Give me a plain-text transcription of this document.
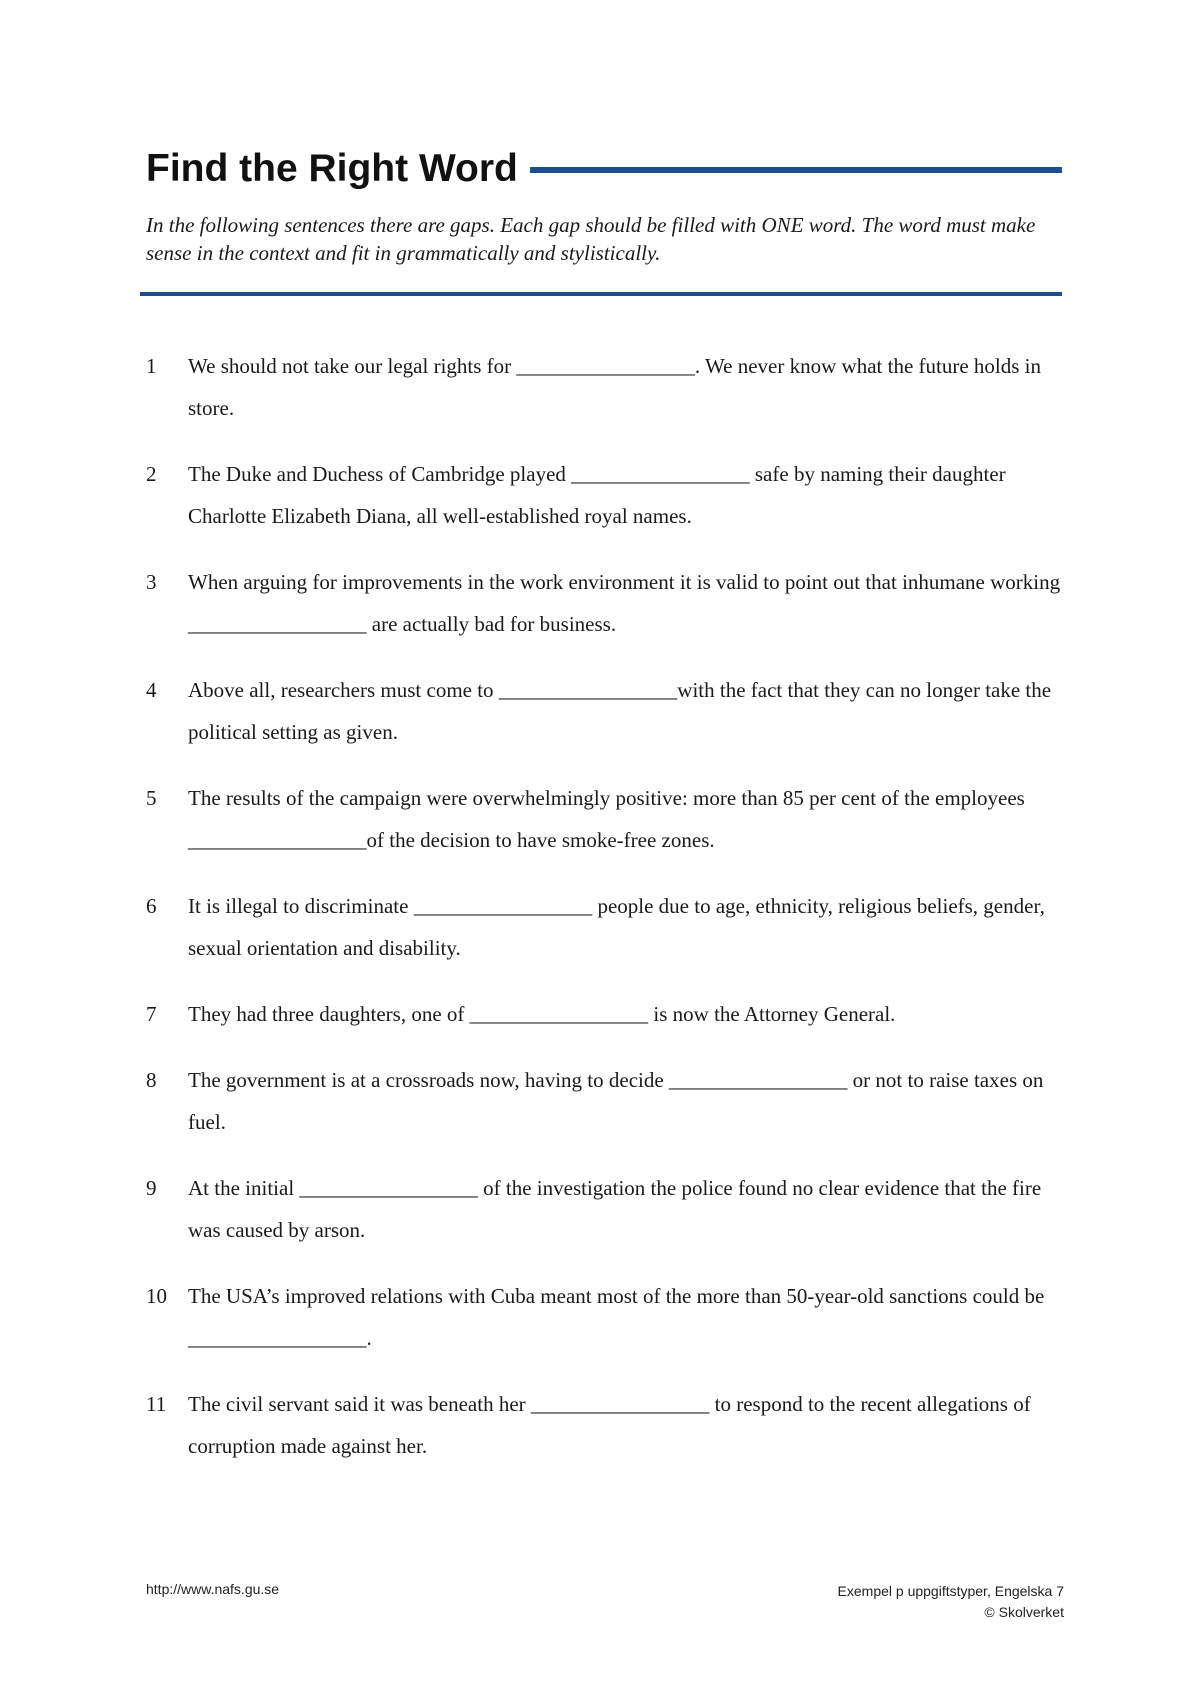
Find the Right Word
In the following sentences there are gaps. Each gap should be filled with ONE word. The word must make sense in the context and fit in grammatically and stylistically.
1 We should not take our legal rights for _________________. We never know what the future holds in store.
2 The Duke and Duchess of Cambridge played _________________ safe by naming their daughter Charlotte Elizabeth Diana, all well-established royal names.
3 When arguing for improvements in the work environment it is valid to point out that inhumane working _________________ are actually bad for business.
4 Above all, researchers must come to _________________with the fact that they can no longer take the political setting as given.
5 The results of the campaign were overwhelmingly positive: more than 85 per cent of the employees _________________of the decision to have smoke-free zones.
6 It is illegal to discriminate _________________ people due to age, ethnicity, religious beliefs, gender, sexual orientation and disability.
7 They had three daughters, one of _________________ is now the Attorney General.
8 The government is at a crossroads now, having to decide _________________ or not to raise taxes on fuel.
9 At the initial _________________ of the investigation the police found no clear evidence that the fire was caused by arson.
10 The USA’s improved relations with Cuba meant most of the more than 50-year-old sanctions could be _________________.
11 The civil servant said it was beneath her _________________ to respond to the recent allegations of corruption made against her.
http://www.nafs.gu.se	Exempel p uppgiftstyper, Engelska 7
© Skolverket
